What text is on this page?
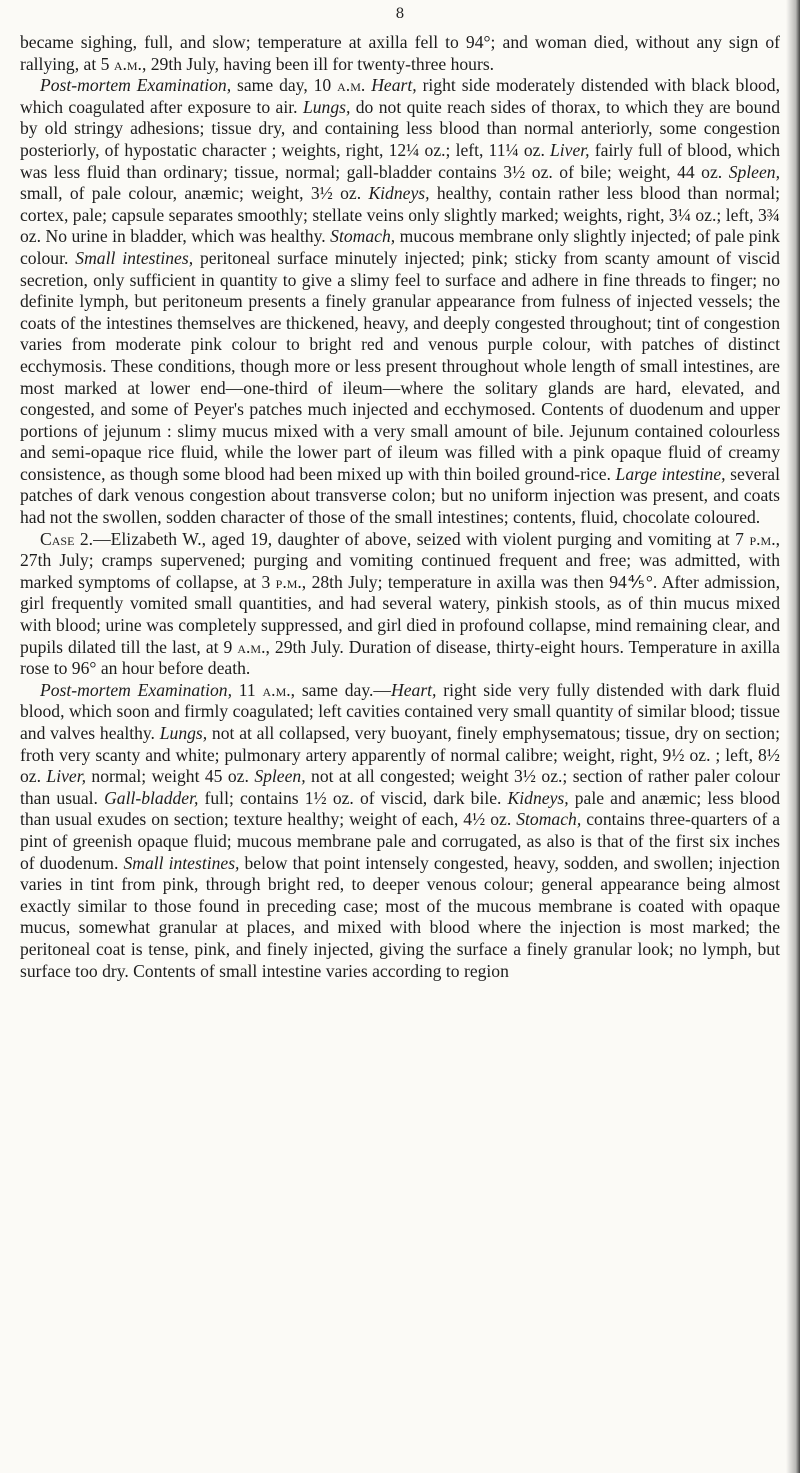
8

became sighing, full, and slow; temperature at axilla fell to 94°; and woman died, without any sign of rallying, at 5 a.m., 29th July, having been ill for twenty-three hours.

Post-mortem Examination, same day, 10 a.m. Heart, right side moderately distended with black blood, which coagulated after exposure to air. Lungs, do not quite reach sides of thorax, to which they are bound by old stringy adhesions; tissue dry, and containing less blood than normal anteriorly, some congestion posteriorly, of hypostatic character ; weights, right, 12¼ oz.; left, 11¼ oz. Liver, fairly full of blood, which was less fluid than ordinary; tissue, normal; gall-bladder contains 3½ oz. of bile; weight, 44 oz. Spleen, small, of pale colour, anæmic; weight, 3½ oz. Kidneys, healthy, contain rather less blood than normal; cortex, pale; capsule separates smoothly; stellate veins only slightly marked; weights, right, 3¼ oz.; left, 3¾ oz. No urine in bladder, which was healthy. Stomach, mucous membrane only slightly injected; of pale pink colour. Small intestines, peritoneal surface minutely injected; pink; sticky from scanty amount of viscid secretion, only sufficient in quantity to give a slimy feel to surface and adhere in fine threads to finger; no definite lymph, but peritoneum presents a finely granular appearance from fulness of injected vessels; the coats of the intestines themselves are thickened, heavy, and deeply congested throughout; tint of congestion varies from moderate pink colour to bright red and venous purple colour, with patches of distinct ecchymosis. These conditions, though more or less present throughout whole length of small intestines, are most marked at lower end—one-third of ileum—where the solitary glands are hard, elevated, and congested, and some of Peyer's patches much injected and ecchymosed. Contents of duodenum and upper portions of jejunum : slimy mucus mixed with a very small amount of bile. Jejunum contained colourless and semi-opaque rice fluid, while the lower part of ileum was filled with a pink opaque fluid of creamy consistence, as though some blood had been mixed up with thin boiled ground-rice. Large intestine, several patches of dark venous congestion about transverse colon; but no uniform injection was present, and coats had not the swollen, sodden character of those of the small intestines; contents, fluid, chocolate coloured.

Case 2.—Elizabeth W., aged 19, daughter of above, seized with violent purging and vomiting at 7 p.m., 27th July; cramps supervened; purging and vomiting continued frequent and free; was admitted, with marked symptoms of collapse, at 3 p.m., 28th July; temperature in axilla was then 94⅘°. After admission, girl frequently vomited small quantities, and had several watery, pinkish stools, as of thin mucus mixed with blood; urine was completely suppressed, and girl died in profound collapse, mind remaining clear, and pupils dilated till the last, at 9 a.m., 29th July. Duration of disease, thirty-eight hours. Temperature in axilla rose to 96° an hour before death.

Post-mortem Examination, 11 a.m., same day.—Heart, right side very fully distended with dark fluid blood, which soon and firmly coagulated; left cavities contained very small quantity of similar blood; tissue and valves healthy. Lungs, not at all collapsed, very buoyant, finely emphysematous; tissue, dry on section; froth very scanty and white; pulmonary artery apparently of normal calibre; weight, right, 9½ oz. ; left, 8½ oz. Liver, normal; weight 45 oz. Spleen, not at all congested; weight 3½ oz.; section of rather paler colour than usual. Gall-bladder, full; contains 1½ oz. of viscid, dark bile. Kidneys, pale and anæmic; less blood than usual exudes on section; texture healthy; weight of each, 4½ oz. Stomach, contains three-quarters of a pint of greenish opaque fluid; mucous membrane pale and corrugated, as also is that of the first six inches of duodenum. Small intestines, below that point intensely congested, heavy, sodden, and swollen; injection varies in tint from pink, through bright red, to deeper venous colour; general appearance being almost exactly similar to those found in preceding case; most of the mucous membrane is coated with opaque mucus, somewhat granular at places, and mixed with blood where the injection is most marked; the peritoneal coat is tense, pink, and finely injected, giving the surface a finely granular look; no lymph, but surface too dry. Contents of small intestine varies according to region
